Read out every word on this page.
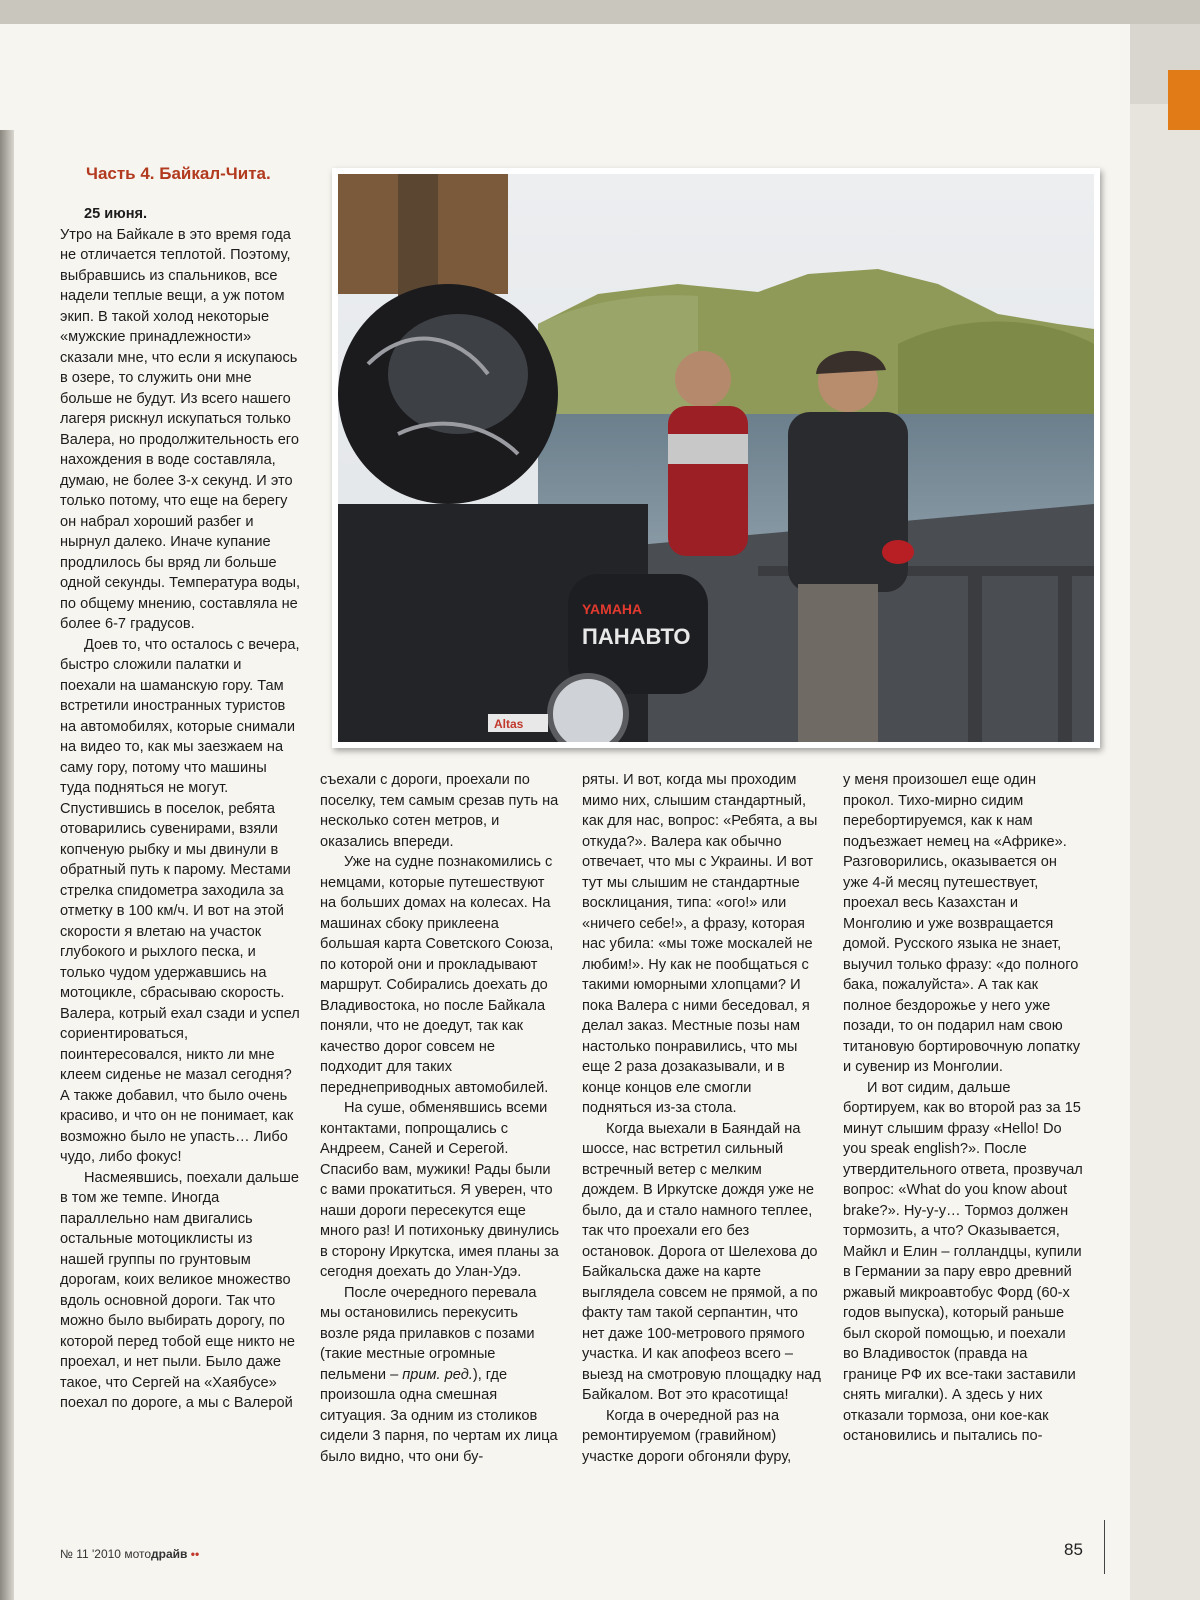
Часть 4. Байкал-Чита.
25 июня.

Утро на Байкале в это время года не отличается теплотой. Поэтому, выбравшись из спальников, все надели теплые вещи, а уж потом экип. В такой холод некоторые «мужские принадлежности» сказали мне, что если я искупаюсь в озере, то служить они мне больше не будут. Из всего нашего лагеря рискнул искупаться только Валера, но продолжительность его нахождения в воде составляла, думаю, не более 3-х секунд. И это только потому, что еще на берегу он набрал хороший разбег и нырнул далеко. Иначе купание продлилось бы вряд ли больше одной секунды. Температура воды, по общему мнению, составляла не более 6-7 градусов.

Доев то, что осталось с вечера, быстро сложили палатки и поехали на шаманскую гору. Там встретили иностранных туристов на автомобилях, которые снимали на видео то, как мы заезжаем на саму гору, потому что машины туда подняться не могут. Спустившись в поселок, ребята отоварились сувенирами, взяли копченую рыбку и мы двинули в обратный путь к парому. Местами стрелка спидометра заходила за отметку в 100 км/ч. И вот на этой скорости я влетаю на участок глубокого и рыхлого песка, и только чудом удержавшись на мотоцикле, сбрасываю скорость. Валера, котрый ехал сзади и успел сориентироваться, поинтересовался, никто ли мне клеем сиденье не мазал сегодня? А также добавил, что было очень красиво, и что он не понимает, как возможно было не упасть… Либо чудо, либо фокус!

Насмеявшись, поехали дальше в том же темпе. Иногда параллельно нам двигались остальные мотоциклисты из нашей группы по грунтовым дорогам, коих великое множество вдоль основной дороги. Так что можно было выбирать дорогу, по которой перед тобой еще никто не проехал, и нет пыли. Было даже такое, что Сергей на «Хаябусе» поехал по дороге, а мы с Валерой

съехали с дороги, проехали по поселку, тем самым срезав путь на несколько сотен метров, и оказались впереди.

Уже на судне познакомились с немцами, которые путешествуют на больших домах на колесах. На машинах сбоку приклеена большая карта Советского Союза, по которой они и прокладывают маршрут. Собирались доехать до Владивостока, но после Байкала поняли, что не доедут, так как качество дорог совсем не подходит для таких переднеприводных автомобилей.

На суше, обменявшись всеми контактами, попрощались с Андреем, Саней и Серегой. Спасибо вам, мужики! Рады были с вами прокатиться. Я уверен, что наши дороги пересекутся еще много раз! И потихоньку двинулись в сторону Иркутска, имея планы за сегодня доехать до Улан-Удэ.

После очередного перевала мы остановились перекусить возле ряда прилавков с позами (такие местные огромные пельмени – прим. ред.), где произошла одна смешная ситуация. За одним из столиков сидели 3 парня, по чертам их лица было видно, что они бу-

ряты. И вот, когда мы проходим мимо них, слышим стандартный, как для нас, вопрос: «Ребята, а вы откуда?». Валера как обычно отвечает, что мы с Украины. И вот тут мы слышим не стандартные восклицания, типа: «ого!» или «ничего себе!», а фразу, которая нас убила: «мы тоже москалей не любим!». Ну как не пообщаться с такими юморными хлопцами? И пока Валера с ними беседовал, я делал заказ. Местные позы нам настолько понравились, что мы еще 2 раза дозаказывали, и в конце концов еле смогли подняться из-за стола.

Когда выехали в Баяндай на шоссе, нас встретил сильный встречный ветер с мелким дождем. В Иркутске дождя уже не было, да и стало намного теплее, так что проехали его без остановок. Дорога от Шелехова до Байкальска даже на карте выглядела совсем не прямой, а по факту там такой серпантин, что нет даже 100-метрового прямого участка. И как апофеоз всего – выезд на смотровую площадку над Байкалом. Вот это красотища!

Когда в очередной раз на ремонтируемом (гравийном) участке дороги обгоняли фуру,

у меня произошел еще один прокол. Тихо-мирно сидим перебортируемся, как к нам подъезжает немец на «Африке». Разговорились, оказывается он уже 4-й месяц путешествует, проехал весь Казахстан и Монголию и уже возвращается домой. Русского языка не знает, выучил только фразу: «до полного бака, пожалуйста». А так как полное бездорожье у него уже позади, то он подарил нам свою титановую бортировочную лопатку и сувенир из Монголии.

И вот сидим, дальше бортируем, как во второй раз за 15 минут слышим фразу «Hello! Do you speak english?». После утвердительного ответа, прозвучал вопрос: «What do you know about brake?». Ну-у-у… Тормоз должен тормозить, а что? Оказывается, Майкл и Елин – голландцы, купили в Германии за пару евро древний ржавый микроавтобус Форд (60-х годов выпуска), который раньше был скорой помощью, и поехали во Владивосток (правда на границе РФ их все-таки заставили снять мигалки). А здесь у них отказали тормоза, они кое-как остановились и пытались по-

ПАНАВТО
YAMAHA
Altas
№ 11 '2010 мотодрайв ••	85
